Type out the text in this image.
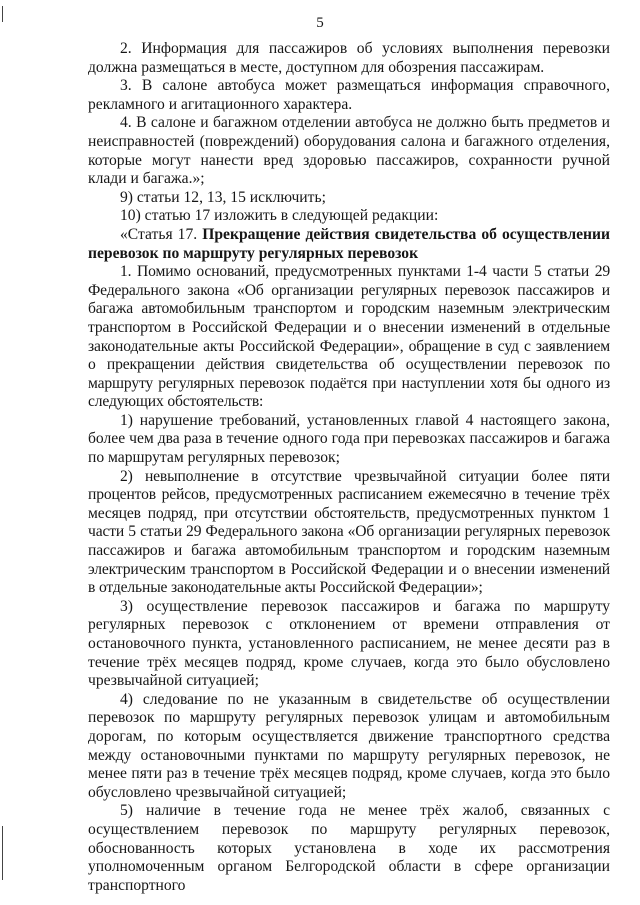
5

2. Информация для пассажиров об условиях выполнения перевозки должна размещаться в месте, доступном для обозрения пассажирам.

3. В салоне автобуса может размещаться информация справочного, рекламного и агитационного характера.

4. В салоне и багажном отделении автобуса не должно быть предметов и неисправностей (повреждений) оборудования салона и багажного отделения, которые могут нанести вред здоровью пассажиров, сохранности ручной клади и багажа.»;

9) статьи 12, 13, 15 исключить;

10) статью 17 изложить в следующей редакции:

«Статья 17. Прекращение действия свидетельства об осуществлении перевозок по маршруту регулярных перевозок

1. Помимо оснований, предусмотренных пунктами 1-4 части 5 статьи 29 Федерального закона «Об организации регулярных перевозок пассажиров и багажа автомобильным транспортом и городским наземным электрическим транспортом в Российской Федерации и о внесении изменений в отдельные законодательные акты Российской Федерации», обращение в суд с заявлением о прекращении действия свидетельства об осуществлении перевозок по маршруту регулярных перевозок подаётся при наступлении хотя бы одного из следующих обстоятельств:

1) нарушение требований, установленных главой 4 настоящего закона, более чем два раза в течение одного года при перевозках пассажиров и багажа по маршрутам регулярных перевозок;

2) невыполнение в отсутствие чрезвычайной ситуации более пяти процентов рейсов, предусмотренных расписанием ежемесячно в течение трёх месяцев подряд, при отсутствии обстоятельств, предусмотренных пунктом 1 части 5 статьи 29 Федерального закона «Об организации регулярных перевозок пассажиров и багажа автомобильным транспортом и городским наземным электрическим транспортом в Российской Федерации и о внесении изменений в отдельные законодательные акты Российской Федерации»;

3) осуществление перевозок пассажиров и багажа по маршруту регулярных перевозок с отклонением от времени отправления от остановочного пункта, установленного расписанием, не менее десяти раз в течение трёх месяцев подряд, кроме случаев, когда это было обусловлено чрезвычайной ситуацией;

4) следование по не указанным в свидетельстве об осуществлении перевозок по маршруту регулярных перевозок улицам и автомобильным дорогам, по которым осуществляется движение транспортного средства между остановочными пунктами по маршруту регулярных перевозок, не менее пяти раз в течение трёх месяцев подряд, кроме случаев, когда это было обусловлено чрезвычайной ситуацией;

5) наличие в течение года не менее трёх жалоб, связанных с осуществлением перевозок по маршруту регулярных перевозок, обоснованность которых установлена в ходе их рассмотрения уполномоченным органом Белгородской области в сфере организации транспортного
